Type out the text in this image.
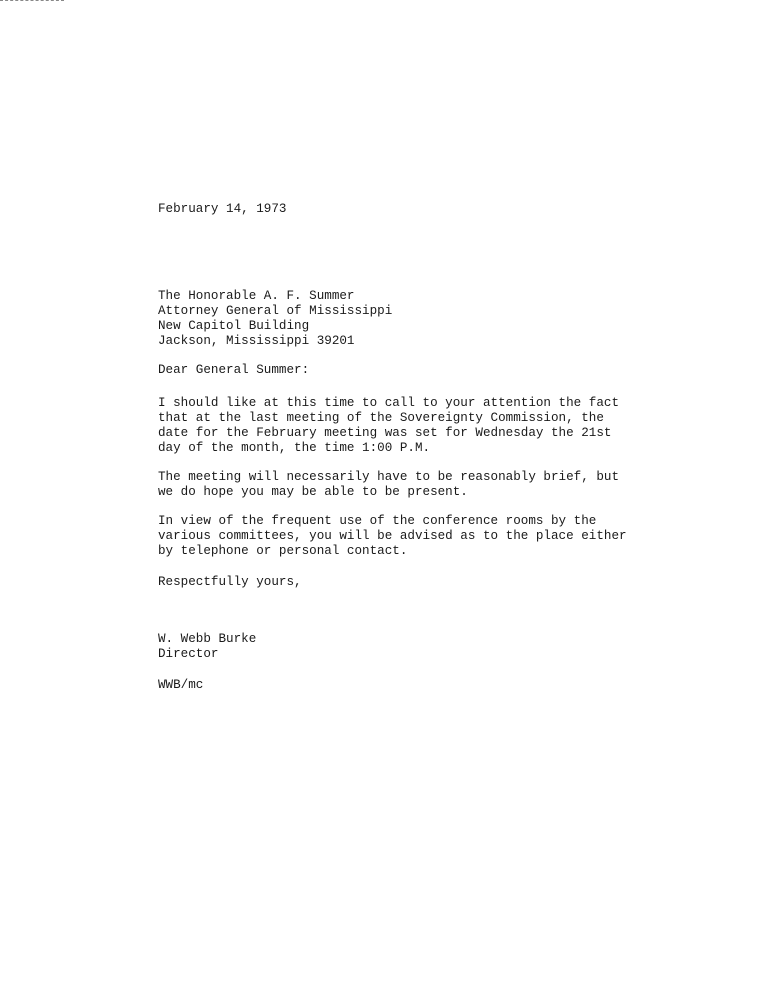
February 14, 1973
The Honorable A. F. Summer
Attorney General of Mississippi
New Capitol Building
Jackson, Mississippi 39201
Dear General Summer:
I should like at this time to call to your attention the fact
that at the last meeting of the Sovereignty Commission, the
date for the February meeting was set for Wednesday the 21st
day of the month, the time 1:00 P.M.
The meeting will necessarily have to be reasonably brief, but
we do hope you may be able to be present.
In view of the frequent use of the conference rooms by the
various committees, you will be advised as to the place either
by telephone or personal contact.
Respectfully yours,
W. Webb Burke
Director
WWB/mc
